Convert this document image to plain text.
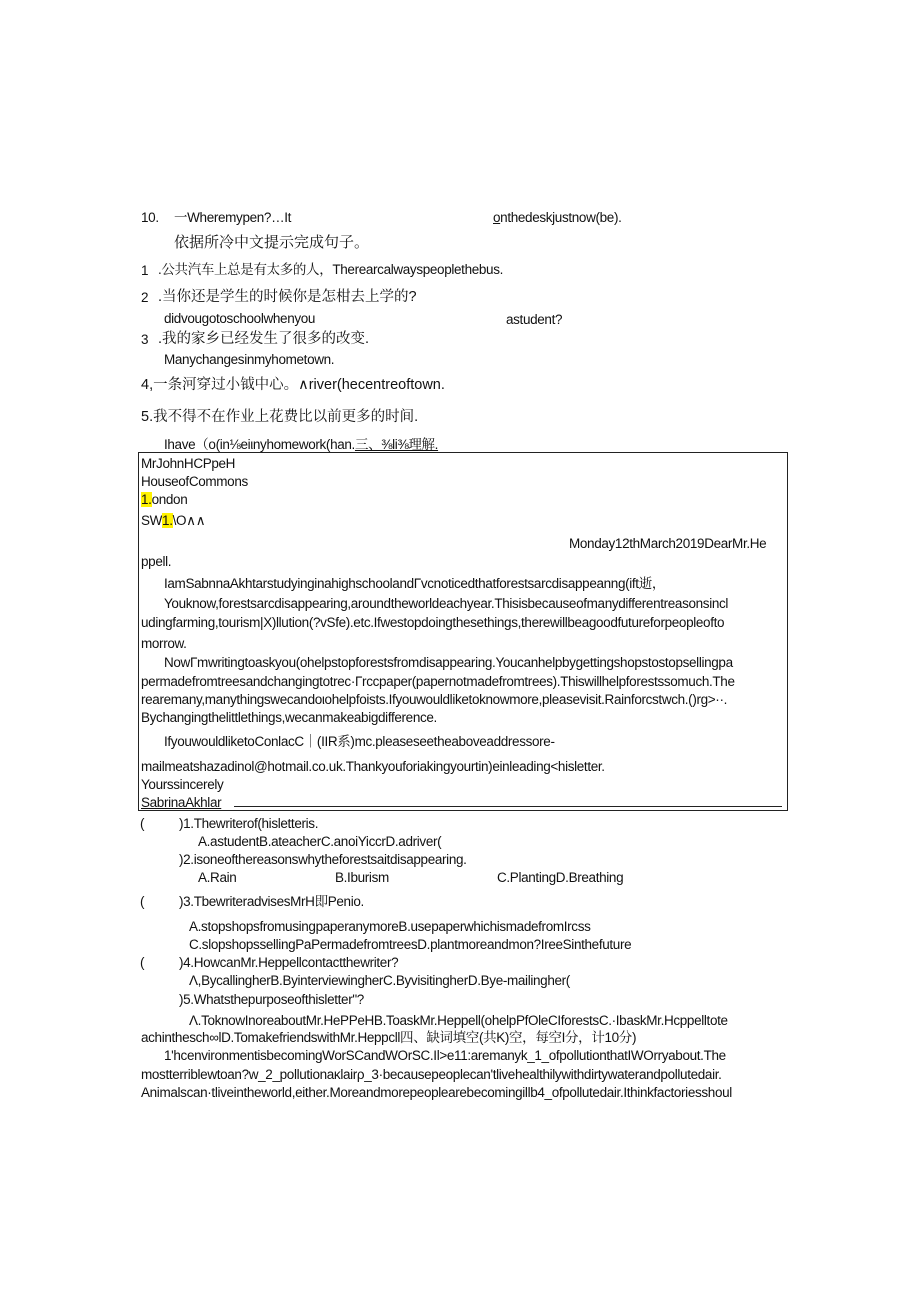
10. 一Wheremypen?…It	onthedeskjustnow(be).
依据所冷中文提示完成句子。
1 .公共汽车上总是有太多的人，Therearcalwayspeoplethebus.
2 .当你还是学生的时候你是怎柑去上学的?
didvougotoschoolwhenyou	astudent?
3 .我的家乡已经发生了很多的改变.
Manychangesinmyhometown.
4,一条河穿过小钺中心。∧river(hecentreoftown.
5.我不得不在作业上花费比以前更多的时间.
Ihave（o(in⅛eiιnyhomework(han.三、⅜li⅜理解.
MrJohnHCPpeH
HouseofCommons
1.ondon
SW1.\O∧∧
Monday12thMarch2019DearMr.He
ppell.
IamSabnnaAkhtarstudyinginahighschoolandΓvcnoticedthatforestsarcdisappeanng(ift逝，
Youknow,forestsarcdisappearing,aroundtheworldeachyear.Thisisbecauseofmanydifferentreasonsincl
udingfarming,tourism|X)llution(?vSfe).etc.Ifwestopdoingthesethings,therewillbeagoodfutureforpeopleofto
morrow.
NowΓmwritingtoaskyou(ohelpstopforestsfromdisappearing.Youcanhelpbygettingshopstostopsellingpa
permadefromtreesandchangingtotrec·Γrccpaper(papernotmadefromtrees).Thiswillhelpforestssomuch.The
rearemany,manythingswecandoιohelpfoists.Ifyouwouldliketoknowmore,pleasevisit.Rainforcstwch.()rg>··.
Bychangingthelittlethings,wecanmakeabigdifference.
IfyouwouldliketoConlacC｜(IIR系)mc.pleaseseetheaboveaddressore-
mailmeatshazadinol@hotmail.co.uk.Thankyouforiakingyourtin)einleading<hisletter.
Yourssincerely
SabrinaAkhlar
(	)1.Thewriterof(hisletteris.
A.astudentB.ateacherC.anoiYiccrD.adriver(
)2.isoneofthereasonswhytheforestsaitdisappearing.
A.Rain	B.Iburism	C.PlantingD.Breathing
(	)3.TbewriteradvisesMrH即Penio.
A.stopshopsfromusingpaperanymoreB.usepaperwhichismadefromIrcss
C.slopshopssellingPaPermadefromtreesD.plantmoreandmon?IreeSinthefuture
(	)4.HowcanMr.Heppellcontactthewriter?
Λ,BycallingherB.ByinterviewingherC.ByvisitingherD.Bye-mailingher(
)5.Whatsthepurposeofthisletter"?
Λ.ToknowInoreaboutMr.HePPeHB.ToaskMr.Heppell(ohelpPfOleCIforestsC.·IbaskMr.Hcppelltote
achinthesch∞lD.TomakefriendswithMr.Heppcll四、缺词填空(共K)空，每空I分，计10分)
1'hcenvironmentisbecomingWorSCandWOrSC.Il>e11:aremanyk_1_ofpollutionthatIWOrryabout.The
mostterriblewtoan?w_2_pollutionaκlairρ_3·becausepeoplecan'tlivehealthilywithdirtywaterandpollutedair.
Animalscan·tliveintheworld,either.Moreandmorepeoplearebecomingillb4_ofpollutedair.Ithinkfactoriesshoul
